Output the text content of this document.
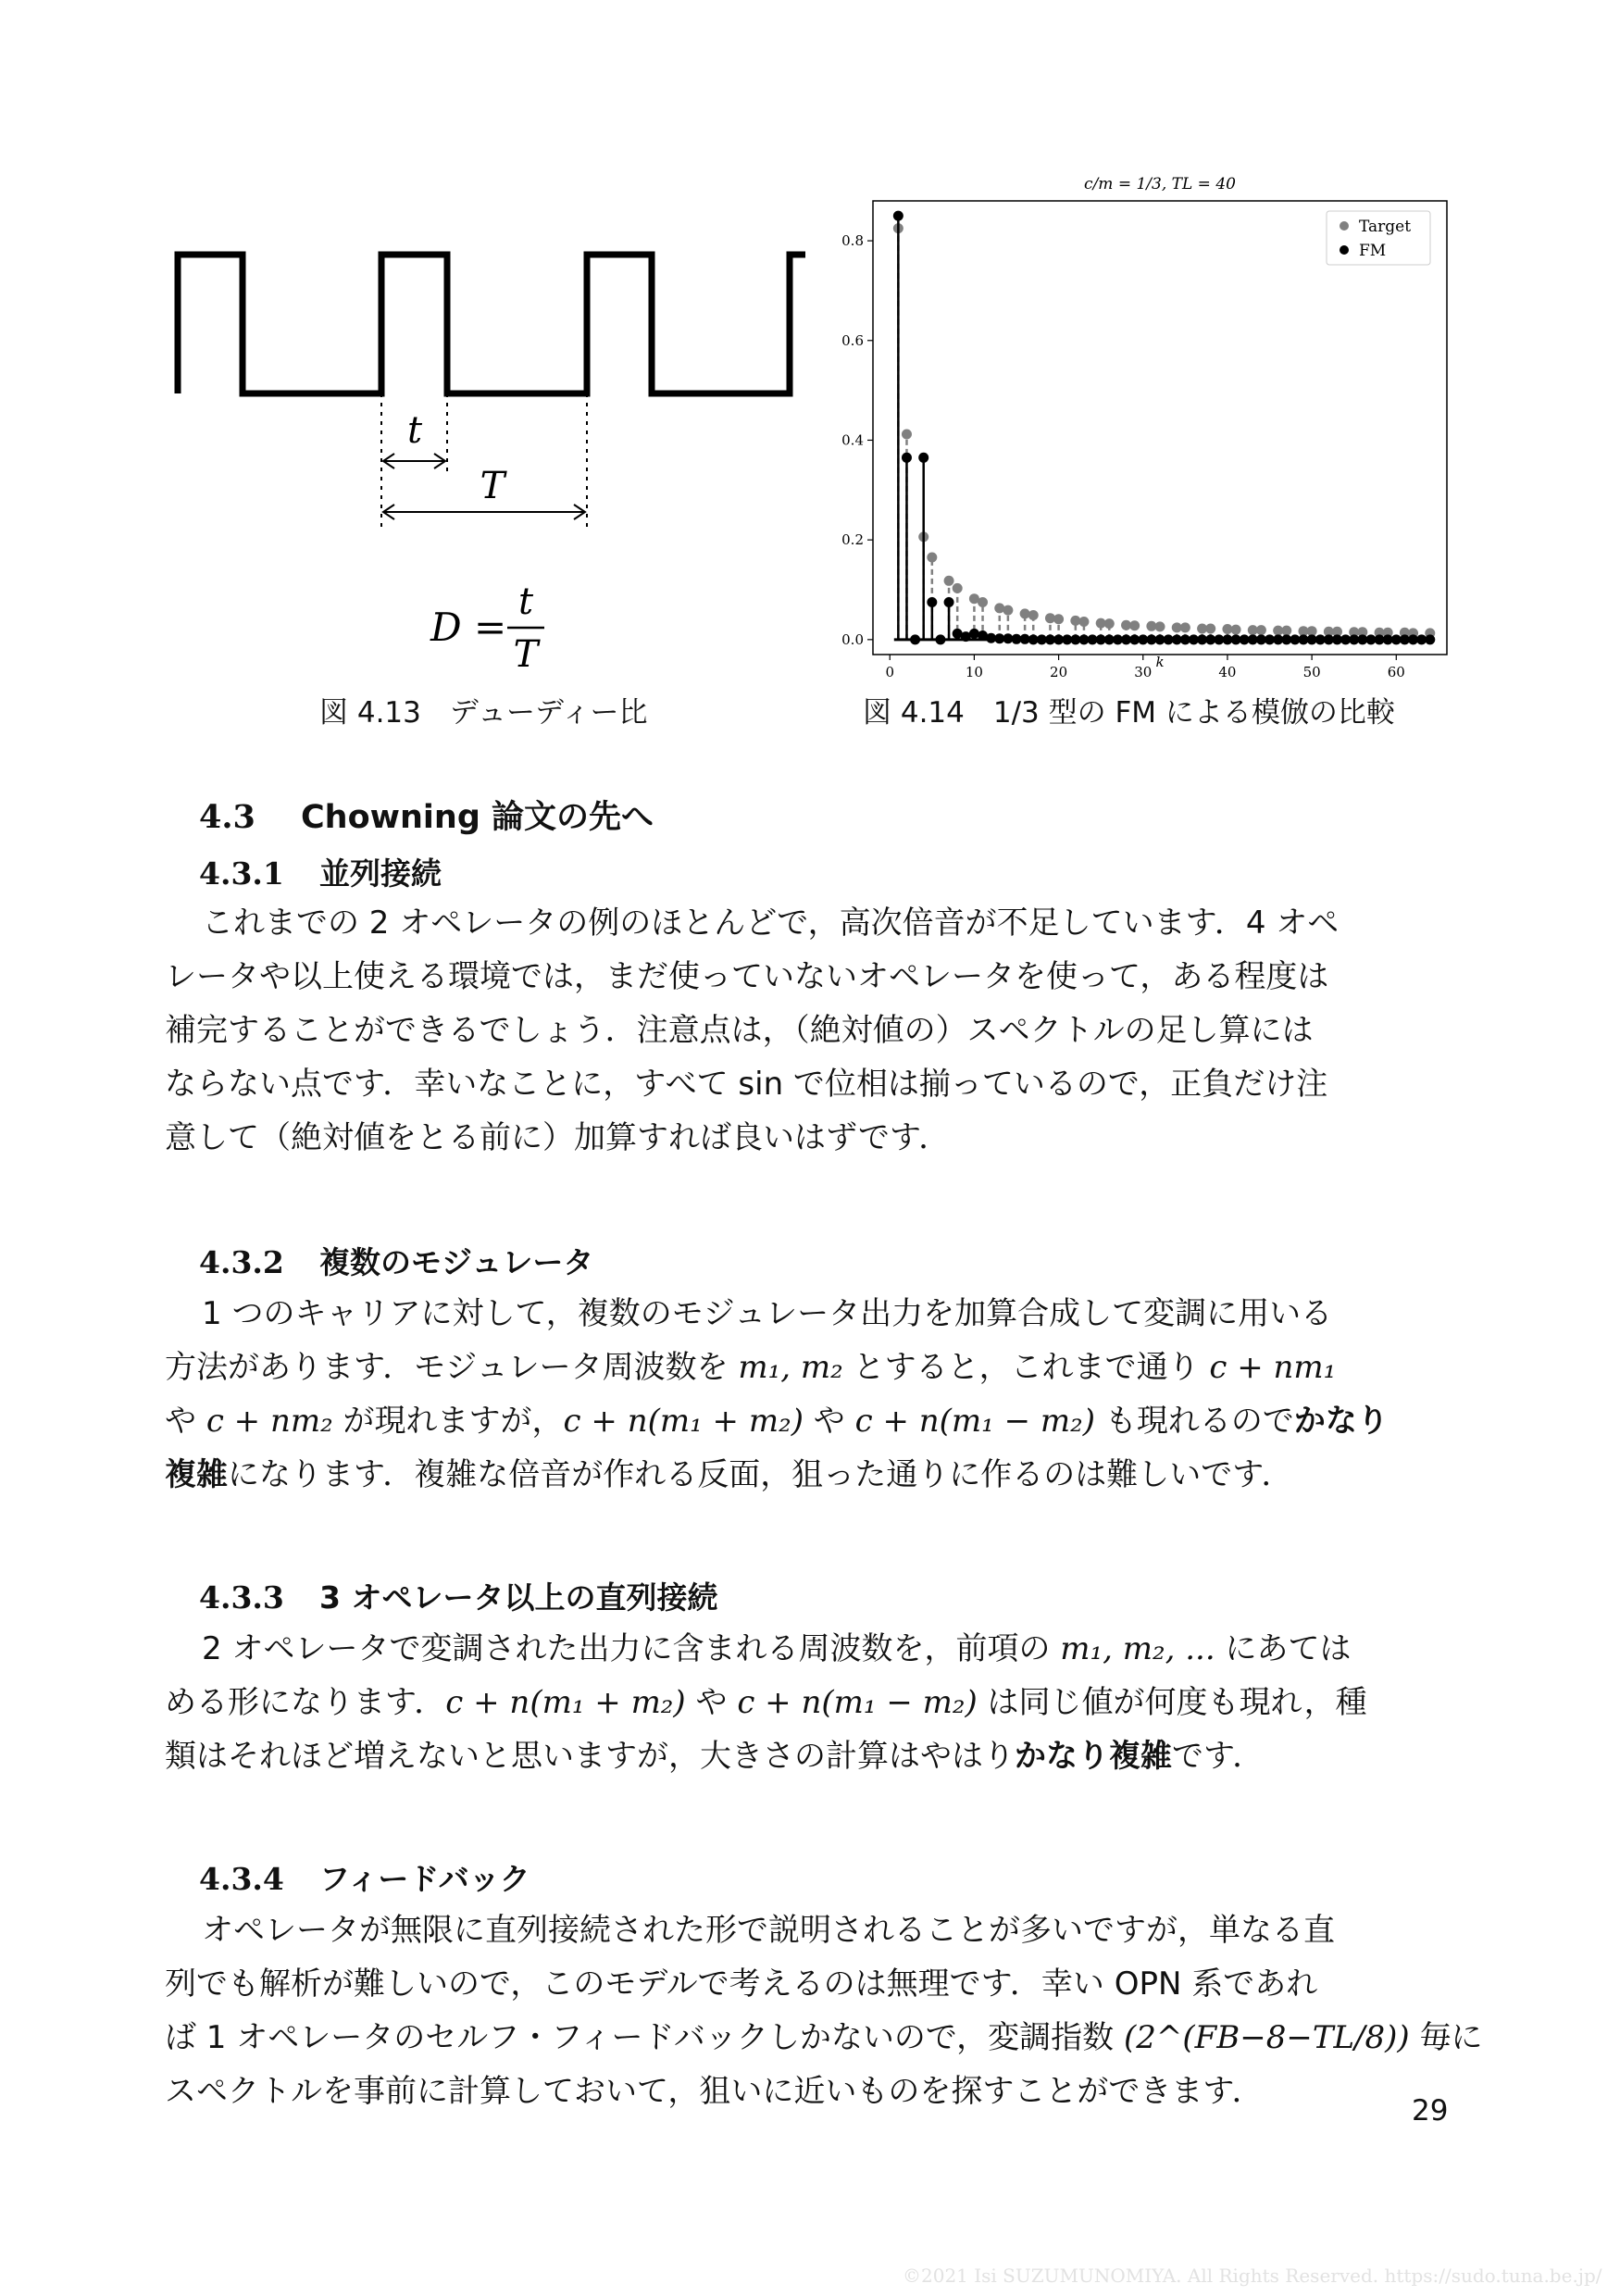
t
T
D =
t
T
c/m = 1/3, TL = 40
0	10	20	30	40	50	60
0.0
0.2
0.4
0.6
0.8
k
Target
FM
図 4.13　デューディー比	図 4.14　1/3 型の FM による模倣の比較
4.3 Chowning 論文の先へ
4.3.1 並列接続
これまでの 2 オペレータの例のほとんどで，高次倍音が不足しています．4 オペ
レータや以上使える環境では，まだ使っていないオペレータを使って，ある程度は
補完することができるでしょう．注意点は，（絶対値の）スペクトルの足し算には
ならない点です．幸いなことに，すべて sin で位相は揃っているので，正負だけ注
意して（絶対値をとる前に）加算すれば良いはずです．
4.3.2 複数のモジュレータ
1 つのキャリアに対して，複数のモジュレータ出力を加算合成して変調に用いる
方法があります．モジュレータ周波数を m₁, m₂ とすると，これまで通り c + nm₁
や c + nm₂ が現れますが，c + n(m₁ + m₂) や c + n(m₁ − m₂) も現れるのでかなり
複雑になります．複雑な倍音が作れる反面，狙った通りに作るのは難しいです．
4.3.3 3 オペレータ以上の直列接続
2 オペレータで変調された出力に含まれる周波数を，前項の m₁, m₂, ... にあては
める形になります．c + n(m₁ + m₂) や c + n(m₁ − m₂) は同じ値が何度も現れ，種
類はそれほど増えないと思いますが，大きさの計算はやはりかなり複雑です．
4.3.4 フィードバック
オペレータが無限に直列接続された形で説明されることが多いですが，単なる直
列でも解析が難しいので，このモデルで考えるのは無理です．幸い OPN 系であれ
ば 1 オペレータのセルフ・フィードバックしかないので，変調指数 (2^(FB−8−TL/8)) 毎に
スペクトルを事前に計算しておいて，狙いに近いものを探すことができます．
29
©2021 Isi SUZUMUNOMIYA. All Rights Reserved. https://sudo.tuna.be.jp/
